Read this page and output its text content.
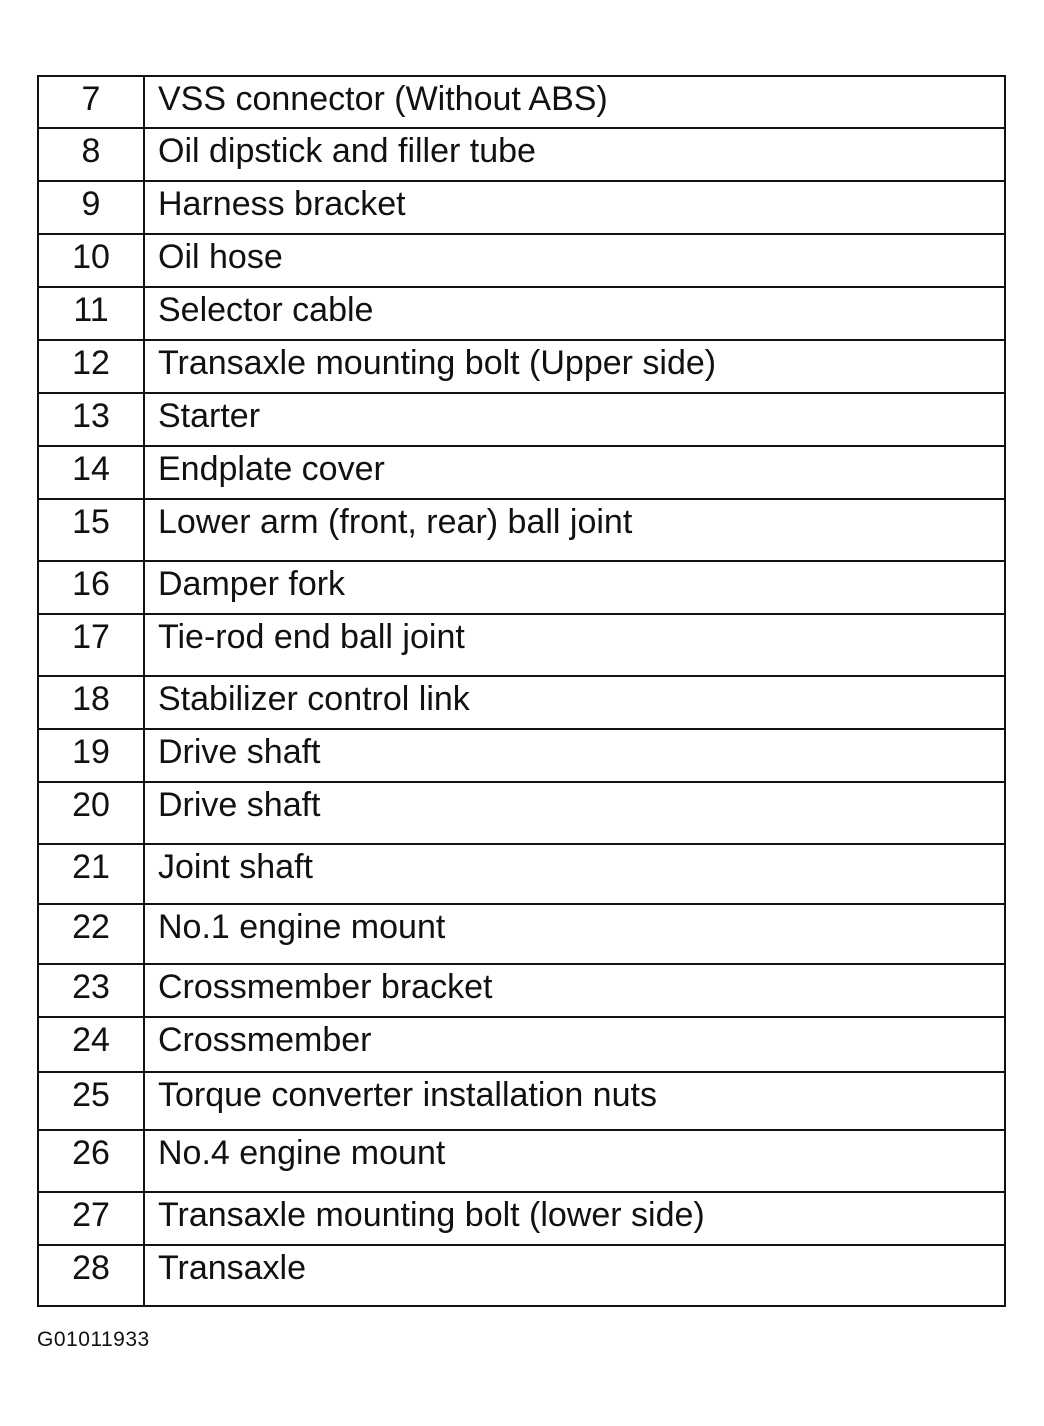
7	VSS connector (Without ABS)
8	Oil dipstick and filler tube
9	Harness bracket
10	Oil hose
11	Selector cable
12	Transaxle mounting bolt (Upper side)
13	Starter
14	Endplate cover
15	Lower arm (front, rear) ball joint
16	Damper fork
17	Tie-rod end ball joint
18	Stabilizer control link
19	Drive shaft
20	Drive shaft
21	Joint shaft
22	No.1 engine mount
23	Crossmember bracket
24	Crossmember
25	Torque converter installation nuts
26	No.4 engine mount
27	Transaxle mounting bolt (lower side)
28	Transaxle
G01011933
